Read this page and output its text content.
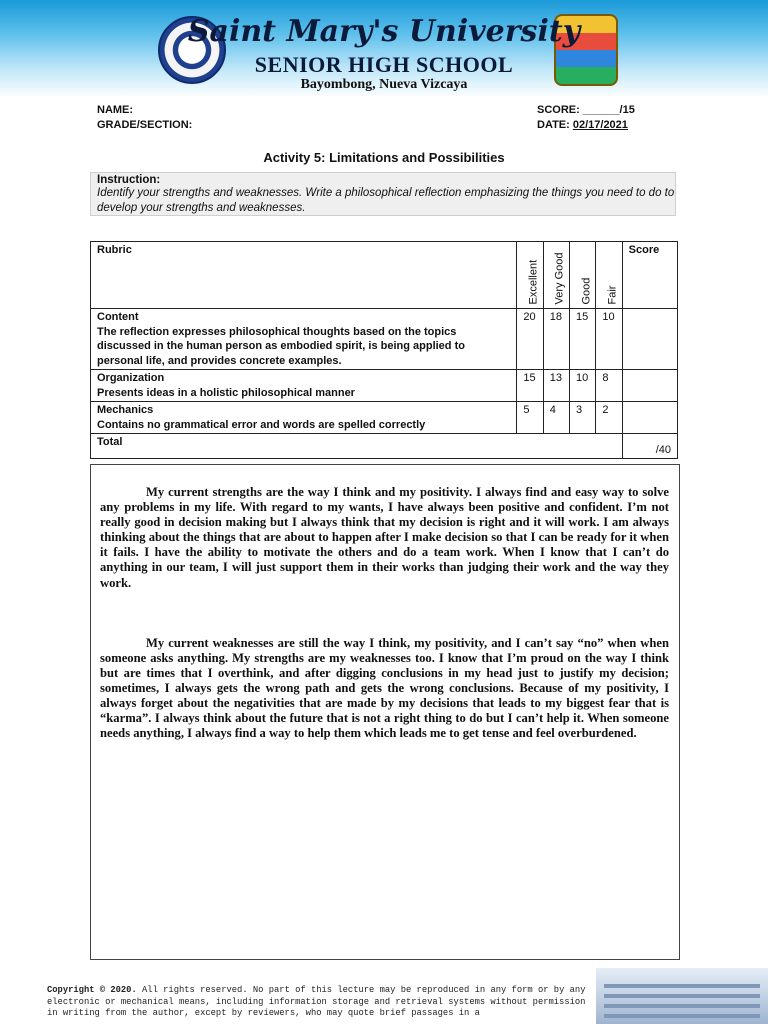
Saint Mary's University
SENIOR HIGH SCHOOL
Bayombong, Nueva Vizcaya
NAME:
GRADE/SECTION:
SCORE: ______/15
DATE: 02/17/2021
Activity 5: Limitations and Possibilities
Instruction:
Identify your strengths and weaknesses. Write a philosophical reflection emphasizing the things you need to do to develop your strengths and weaknesses.
Rubric	Excellent	Very Good	Good	Fair	Score

Content
The reflection expresses philosophical thoughts based on the topics discussed in the human person as embodied spirit, is being applied to personal life, and provides concrete examples.	20	18	15	10	

Organization
Presents ideas in a holistic philosophical manner	15	13	10	8	

Mechanics
Contains no grammatical error and words are spelled correctly	5	4	3	2	

Total					/40

My current strengths are the way I think and my positivity. I always find and easy way to solve any problems in my life. With regard to my wants, I have always been positive and confident. I’m not really good in decision making but I always think that my decision is right and it will work. I am always thinking about the things that are about to happen after I make decision so that I can be ready for it when it fails. I have the ability to motivate the others and do a team work. When I know that I can’t do anything in our team, I will just support them in their works than judging their work and the way they work.

My current weaknesses are still the way I think, my positivity, and I can’t say “no” when when someone asks anything. My strengths are my weaknesses too. I know that I’m proud on the way I think but are times that I overthink, and after digging conclusions in my head just to justify my decision; sometimes, I always gets the wrong path and gets the wrong conclusions. Because of my positivity, I always forget about the negativities that are made by my decisions that leads to my biggest fear that is “karma”. I always think about the future that is not a right thing to do but I can’t help it. When someone needs anything, I always find a way to help them which leads me to get tense and feel overburdened.

Copyright © 2020. All rights reserved. No part of this lecture may be reproduced in any form or by any electronic or mechanical means, including information storage and retrieval systems without permission in writing from the author, except by reviewers, who may quote brief passages in a
